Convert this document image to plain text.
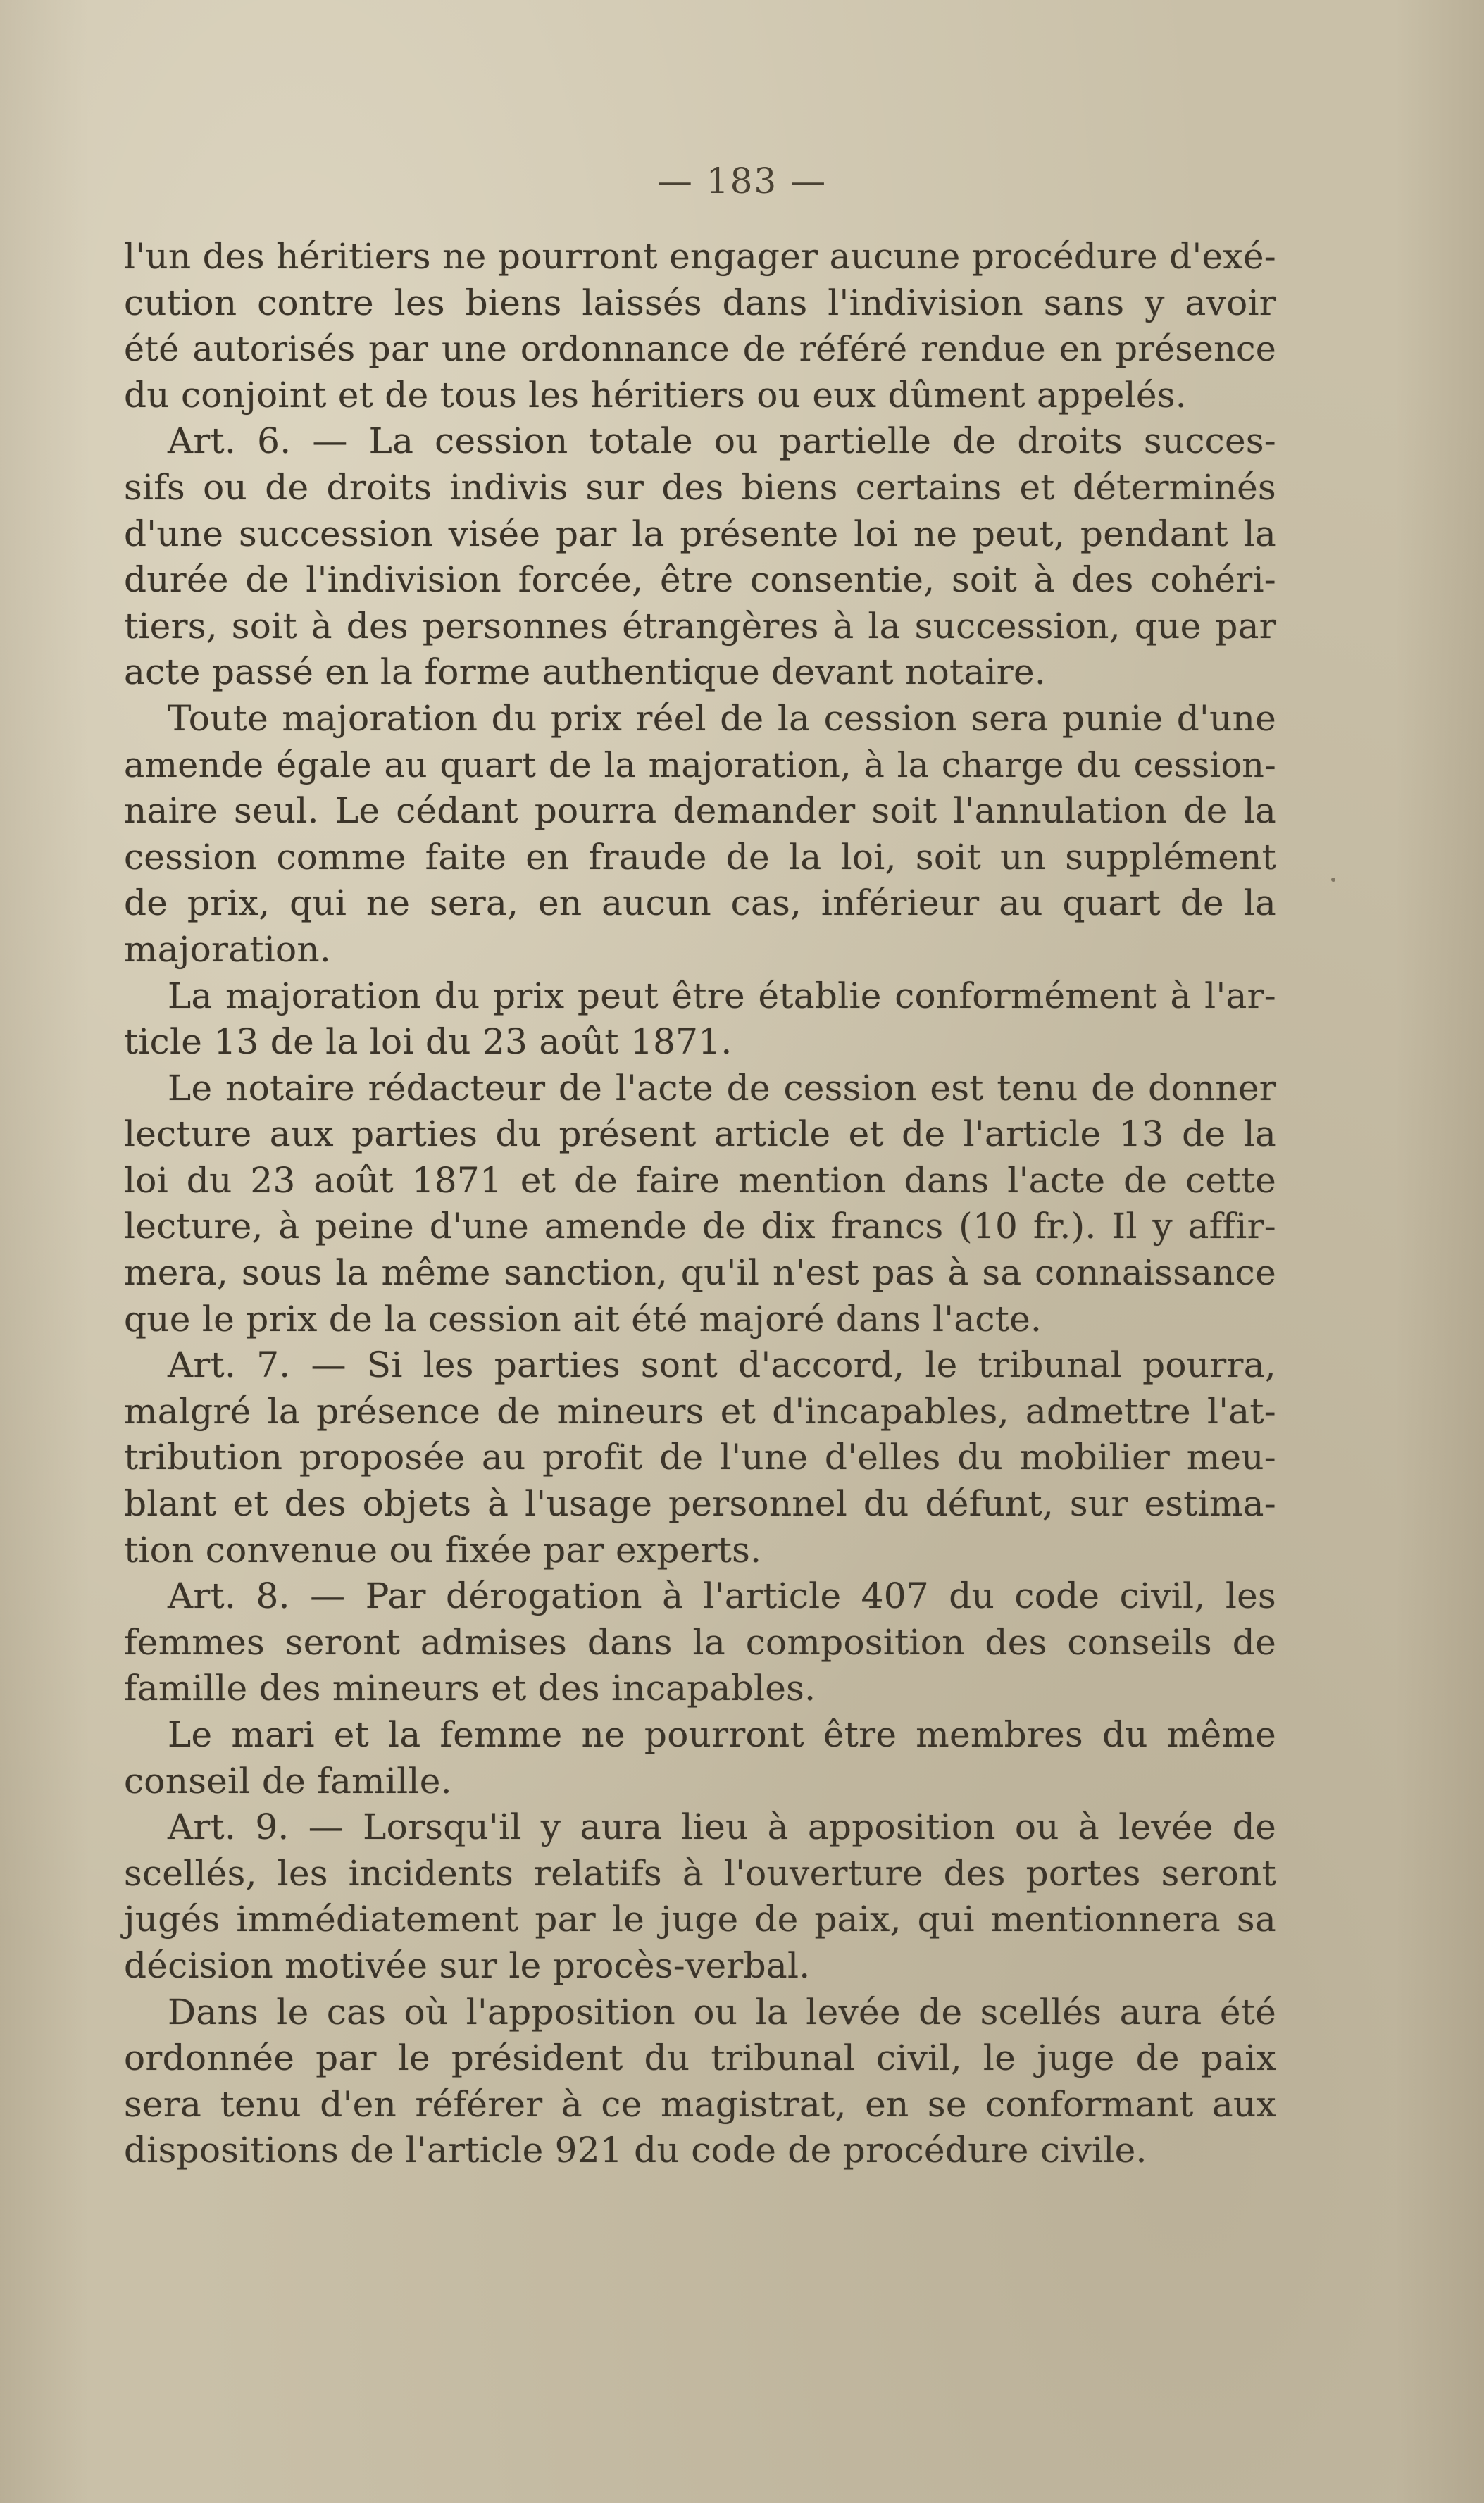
— 183 —
l'un des héritiers ne pourront engager aucune procédure d'exé-
cution contre les biens laissés dans l'indivision sans y avoir
été autorisés par une ordonnance de référé rendue en présence
du conjoint et de tous les héritiers ou eux dûment appelés.
Art. 6. — La cession totale ou partielle de droits succes-
sifs ou de droits indivis sur des biens certains et déterminés
d'une succession visée par la présente loi ne peut, pendant la
durée de l'indivision forcée, être consentie, soit à des cohéri-
tiers, soit à des personnes étrangères à la succession, que par
acte passé en la forme authentique devant notaire.
Toute majoration du prix réel de la cession sera punie d'une
amende égale au quart de la majoration, à la charge du cession-
naire seul. Le cédant pourra demander soit l'annulation de la
cession comme faite en fraude de la loi, soit un supplément
de prix, qui ne sera, en aucun cas, inférieur au quart de la
majoration.
La majoration du prix peut être établie conformément à l'ar-
ticle 13 de la loi du 23 août 1871.
Le notaire rédacteur de l'acte de cession est tenu de donner
lecture aux parties du présent article et de l'article 13 de la
loi du 23 août 1871 et de faire mention dans l'acte de cette
lecture, à peine d'une amende de dix francs (10 fr.). Il y affir-
mera, sous la même sanction, qu'il n'est pas à sa connaissance
que le prix de la cession ait été majoré dans l'acte.
Art. 7. — Si les parties sont d'accord, le tribunal pourra,
malgré la présence de mineurs et d'incapables, admettre l'at-
tribution proposée au profit de l'une d'elles du mobilier meu-
blant et des objets à l'usage personnel du défunt, sur estima-
tion convenue ou fixée par experts.
Art. 8. — Par dérogation à l'article 407 du code civil, les
femmes seront admises dans la composition des conseils de
famille des mineurs et des incapables.
Le mari et la femme ne pourront être membres du même
conseil de famille.
Art. 9. — Lorsqu'il y aura lieu à apposition ou à levée de
scellés, les incidents relatifs à l'ouverture des portes seront
jugés immédiatement par le juge de paix, qui mentionnera sa
décision motivée sur le procès-verbal.
Dans le cas où l'apposition ou la levée de scellés aura été
ordonnée par le président du tribunal civil, le juge de paix
sera tenu d'en référer à ce magistrat, en se conformant aux
dispositions de l'article 921 du code de procédure civile.
